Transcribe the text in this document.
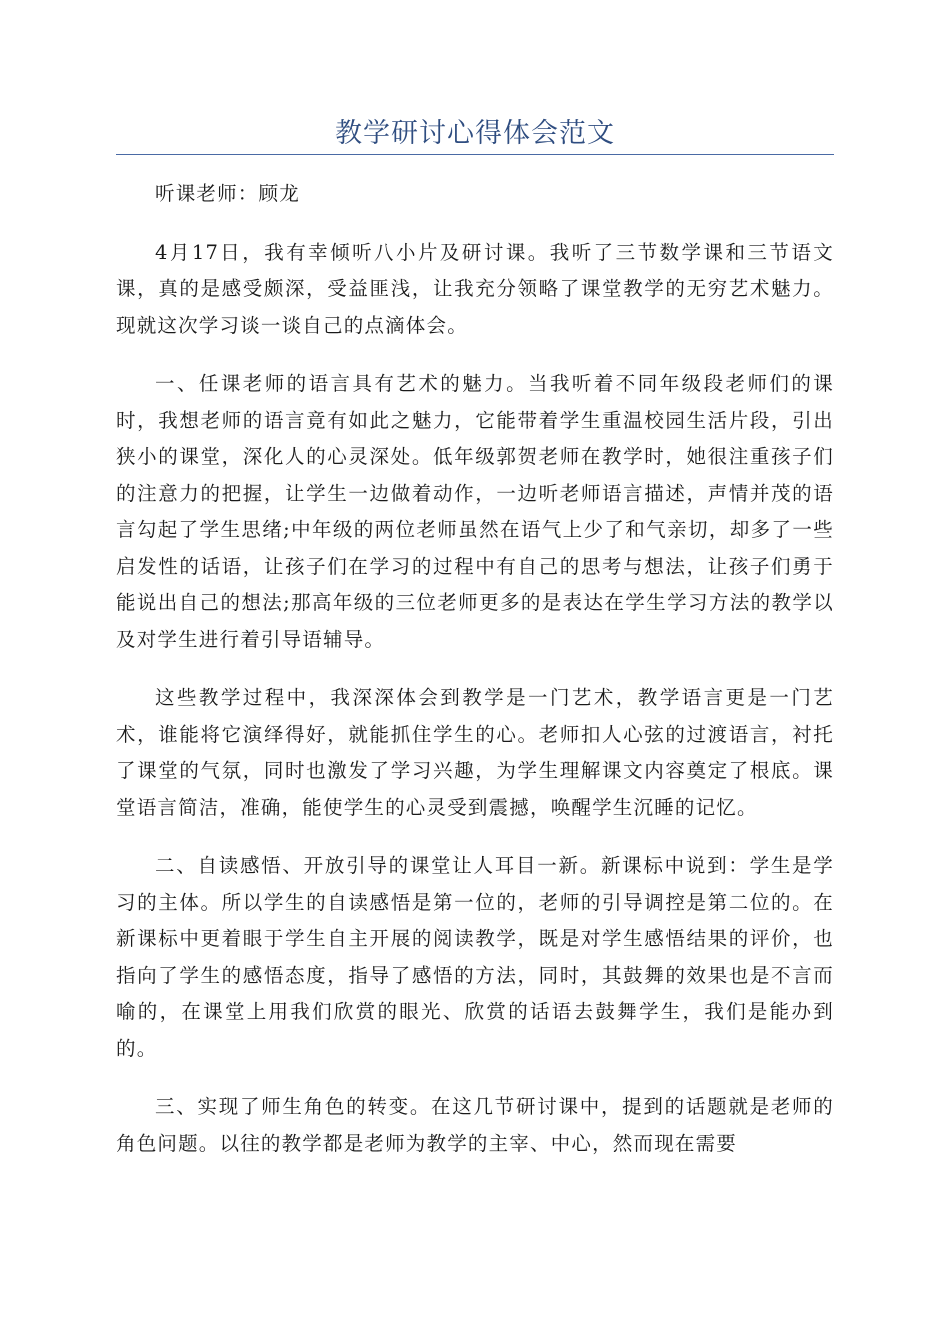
教学研讨心得体会范文

听课老师：顾龙

4月17日，我有幸倾听八小片及研讨课。我听了三节数学课和三节语文课，真的是感受颇深，受益匪浅，让我充分领略了课堂教学的无穷艺术魅力。现就这次学习谈一谈自己的点滴体会。

一、任课老师的语言具有艺术的魅力。当我听着不同年级段老师们的课时，我想老师的语言竟有如此之魅力，它能带着学生重温校园生活片段，引出狭小的课堂，深化人的心灵深处。低年级郭贺老师在教学时，她很注重孩子们的注意力的把握，让学生一边做着动作，一边听老师语言描述，声情并茂的语言勾起了学生思绪;中年级的两位老师虽然在语气上少了和气亲切，却多了一些启发性的话语，让孩子们在学习的过程中有自己的思考与想法，让孩子们勇于能说出自己的想法;那高年级的三位老师更多的是表达在学生学习方法的教学以及对学生进行着引导语辅导。

这些教学过程中，我深深体会到教学是一门艺术，教学语言更是一门艺术，谁能将它演绎得好，就能抓住学生的心。老师扣人心弦的过渡语言，衬托了课堂的气氛，同时也激发了学习兴趣，为学生理解课文内容奠定了根底。课堂语言简洁，准确，能使学生的心灵受到震撼，唤醒学生沉睡的记忆。

二、自读感悟、开放引导的课堂让人耳目一新。新课标中说到：学生是学习的主体。所以学生的自读感悟是第一位的，老师的引导调控是第二位的。在新课标中更着眼于学生自主开展的阅读教学，既是对学生感悟结果的评价，也指向了学生的感悟态度，指导了感悟的方法，同时，其鼓舞的效果也是不言而喻的，在课堂上用我们欣赏的眼光、欣赏的话语去鼓舞学生，我们是能办到的。

三、实现了师生角色的转变。在这几节研讨课中，提到的话题就是老师的角色问题。以往的教学都是老师为教学的主宰、中心，然而现在需要
